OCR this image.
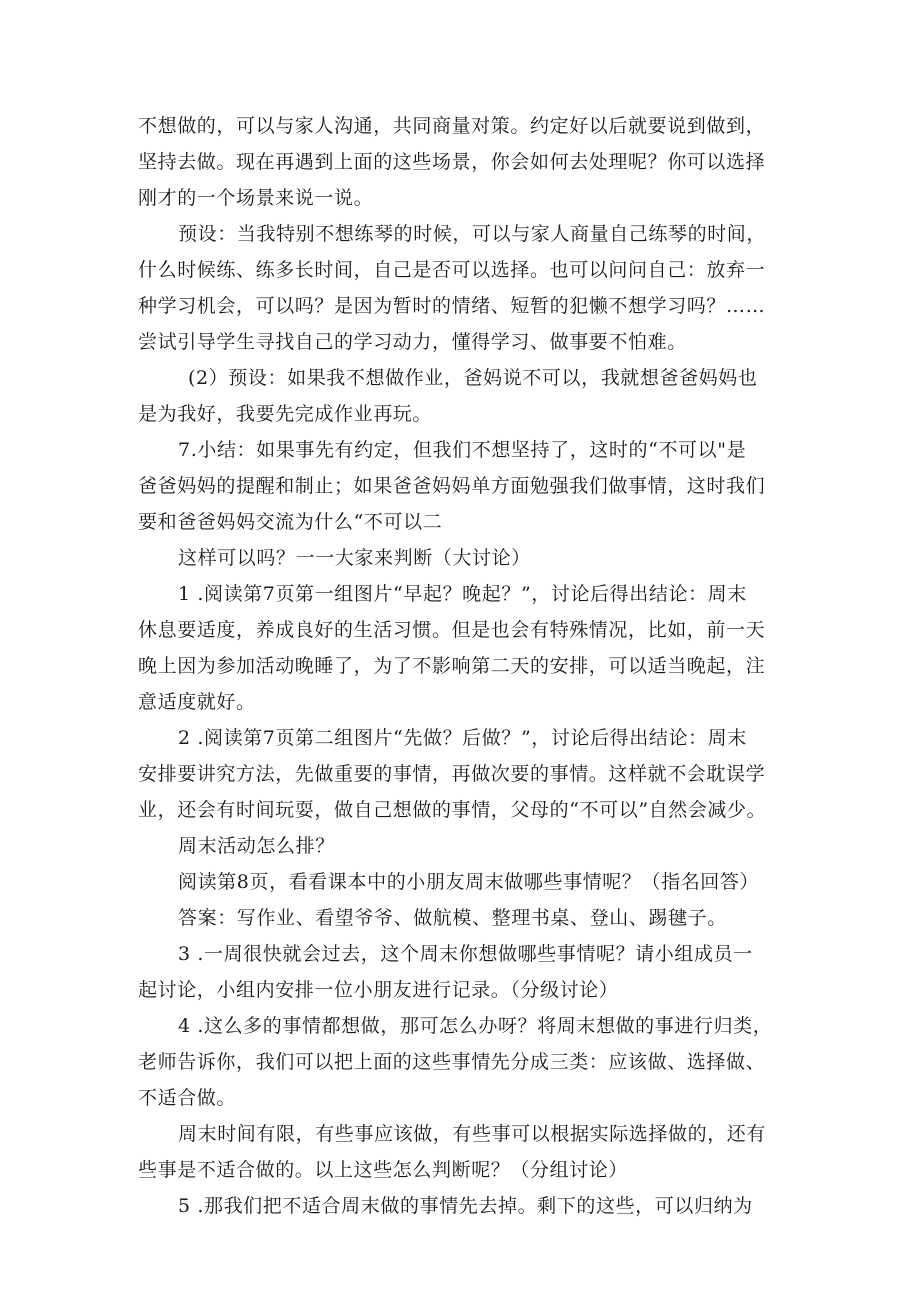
不想做的，可以与家人沟通，共同商量对策。约定好以后就要说到做到，
坚持去做。现在再遇到上面的这些场景，你会如何去处理呢？你可以选择
刚才的一个场景来说一说。
预设：当我特别不想练琴的时候，可以与家人商量自己练琴的时间，
什么时候练、练多长时间，自己是否可以选择。也可以问问自己：放弃一
种学习机会，可以吗？是因为暂时的情绪、短暂的犯懒不想学习吗？……
尝试引导学生寻找自己的学习动力，懂得学习、做事要不怕难。
(2）预设：如果我不想做作业，爸妈说不可以，我就想爸爸妈妈也
是为我好，我要先完成作业再玩。
7.小结：如果事先有约定，但我们不想坚持了，这时的“不可以"是
爸爸妈妈的提醒和制止；如果爸爸妈妈单方面勉强我们做事情，这时我们
要和爸爸妈妈交流为什么“不可以二
这样可以吗？一一大家来判断（大讨论）
1 .阅读第7页第一组图片“早起？晚起？”，讨论后得出结论：周末
休息要适度，养成良好的生活习惯。但是也会有特殊情况，比如，前一天
晚上因为参加活动晚睡了，为了不影响第二天的安排，可以适当晚起，注
意适度就好。
2 .阅读第7页第二组图片“先做？后做？”，讨论后得出结论：周末
安排要讲究方法，先做重要的事情，再做次要的事情。这样就不会耽误学
业，还会有时间玩耍，做自己想做的事情，父母的“不可以”自然会减少。
周末活动怎么排？
阅读第8页，看看课本中的小朋友周末做哪些事情呢？（指名回答）
答案：写作业、看望爷爷、做航模、整理书桌、登山、踢毽子。
3 .一周很快就会过去，这个周末你想做哪些事情呢？请小组成员一
起讨论，小组内安排一位小朋友进行记录。（分级讨论）
4 .这么多的事情都想做，那可怎么办呀？将周末想做的事进行归类，
老师告诉你，我们可以把上面的这些事情先分成三类：应该做、选择做、
不适合做。
周末时间有限，有些事应该做，有些事可以根据实际选择做的，还有
些事是不适合做的。以上这些怎么判断呢？（分组讨论）
5 .那我们把不适合周末做的事情先去掉。剩下的这些，可以归纳为
